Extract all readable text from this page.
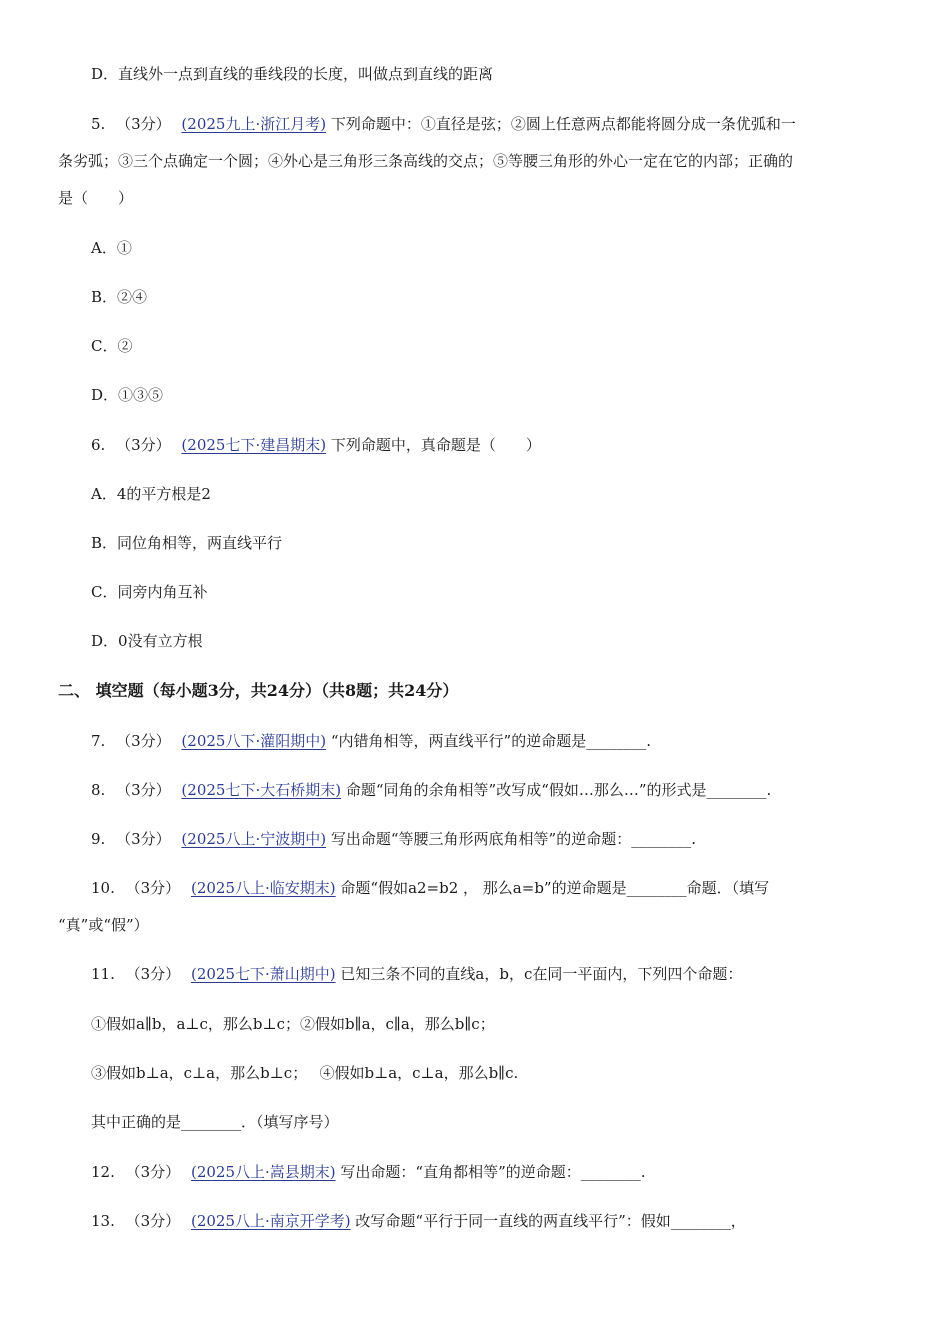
D．直线外一点到直线的垂线段的长度，叫做点到直线的距离
5. （3分） (2025九上·浙江月考) 下列命题中：①直径是弦；②圆上任意两点都能将圆分成一条优弧和一
条劣弧；③三个点确定一个圆；④外心是三角形三条高线的交点；⑤等腰三角形的外心一定在它的内部；正确的
是（　　）
A．①
B．②④
C．②
D．①③⑤
6. （3分） (2025七下·建昌期末) 下列命题中，真命题是（　　）
A．4的平方根是2
B．同位角相等，两直线平行
C．同旁内角互补
D．0没有立方根
二、 填空题（每小题3分，共24分）（共8题；共24分）
7. （3分） (2025八下·灌阳期中) “内错角相等，两直线平行”的逆命题是________.
8. （3分） (2025七下·大石桥期末) 命题“同角的余角相等”改写成“假如…那么…”的形式是________.
9. （3分） (2025八上·宁波期中) 写出命题“等腰三角形两底角相等”的逆命题：________.
10. （3分） (2025八上·临安期末) 命题“假如a2=b2 ， 那么a=b”的逆命题是________命题．（填写
“真”或“假”）
11. （3分） (2025七下·萧山期中) 已知三条不同的直线a，b，c在同一平面内，下列四个命题：
①假如a∥b，a⊥c，那么b⊥c；②假如b∥a，c∥a，那么b∥c；
③假如b⊥a，c⊥a，那么b⊥c；　 ④假如b⊥a，c⊥a，那么b∥c.
其中正确的是________．（填写序号）
12. （3分） (2025八上·嵩县期末) 写出命题：“直角都相等”的逆命题：________.
13. （3分） (2025八上·南京开学考) 改写命题“平行于同一直线的两直线平行”：假如________，
